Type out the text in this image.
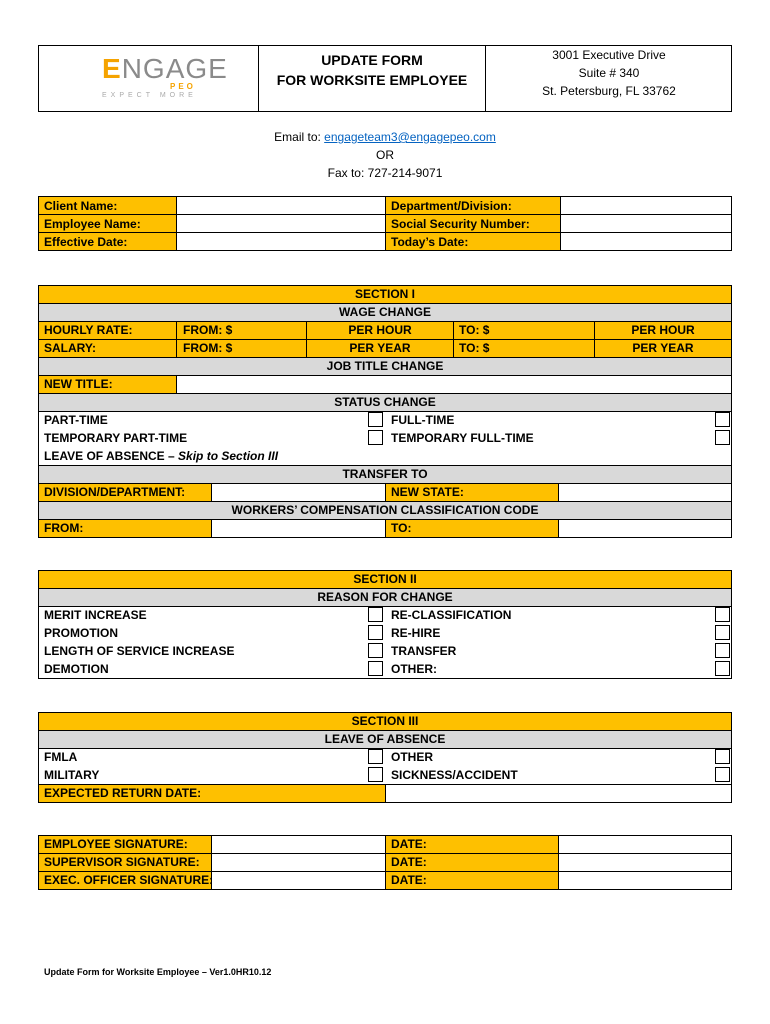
ENGAGE
PEO
EXPECT MORE
UPDATE FORM
FOR WORKSITE EMPLOYEE
3001 Executive Drive
Suite # 340
St. Petersburg, FL 33762
Email to: engageteam3@engagepeo.com
OR
Fax to: 727-214-9071
Client Name:
Employee Name:
Effective Date:
Department/Division:
Social Security Number:
Today’s Date:
SECTION I
WAGE CHANGE
HOURLY RATE:
SALARY:
FROM: $
FROM: $
PER HOUR
PER YEAR
TO: $
TO: $
PER HOUR
PER YEAR
JOB TITLE CHANGE
NEW TITLE:
STATUS CHANGE
PART-TIME
TEMPORARY PART-TIME
LEAVE OF ABSENCE – Skip to Section III
FULL-TIME
TEMPORARY FULL-TIME
TRANSFER TO
DIVISION/DEPARTMENT:	NEW STATE:
WORKERS’ COMPENSATION CLASSIFICATION CODE
FROM:	TO:
SECTION II
REASON FOR CHANGE
MERIT INCREASE
PROMOTION
LENGTH OF SERVICE INCREASE
DEMOTION
RE-CLASSIFICATION
RE-HIRE
TRANSFER
OTHER:
SECTION III
LEAVE OF ABSENCE
FMLA
MILITARY
OTHER
SICKNESS/ACCIDENT
EXPECTED RETURN DATE:
EMPLOYEE SIGNATURE:
SUPERVISOR SIGNATURE:
EXEC. OFFICER SIGNATURE:
DATE:
DATE:
DATE:
Update Form for Worksite Employee – Ver1.0HR10.12
